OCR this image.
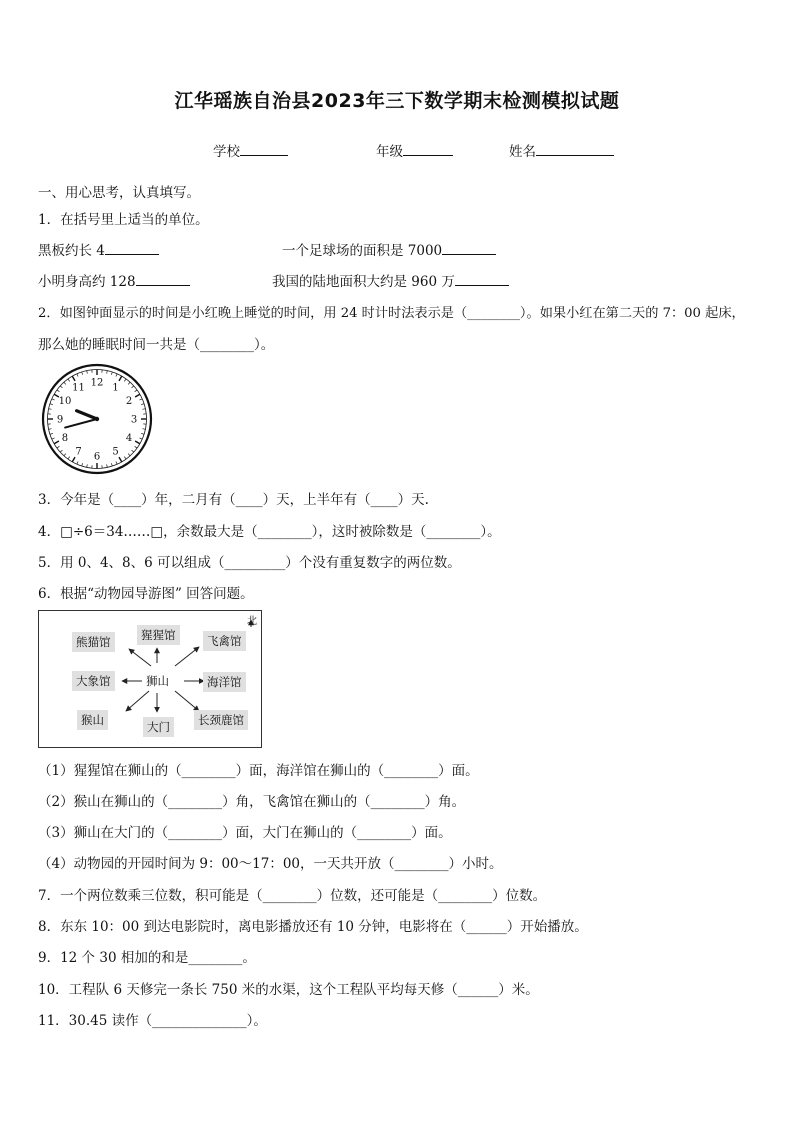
江华瑶族自治县2023年三下数学期末检测模拟试题
学校	年级	姓名
一、用心思考，认真填写。
1．在括号里上适当的单位。
黑板约长 4	一个足球场的面积是 7000
小明身高约 128	我国的陆地面积大约是 960 万
2．如图钟面显示的时间是小红晚上睡觉的时间，用 24 时计时法表示是（________）。如果小红在第二天的 7：00 起床，
那么她的睡眠时间一共是（________）。
12 1
2
3
4
5
6
7
8
9
10
11
3．今年是（____）年，二月有（____）天，上半年有（____）天.
4．□÷6＝34……□，余数最大是（________），这时被除数是（________）。
5．用 0、4、8、6 可以组成（_________）个没有重复数字的两位数。
6．根据“动物园导游图” 回答问题。
北
熊猫馆	猩猩馆	飞禽馆
大象馆	狮山	海洋馆
猴山	大门	长颈鹿馆
（1）猩猩馆在狮山的（________）面，海洋馆在狮山的（________）面。
（2）猴山在狮山的（________）角，飞禽馆在狮山的（________）角。
（3）狮山在大门的（________）面，大门在狮山的（________）面。
（4）动物园的开园时间为 9：00～17：00，一天共开放（________）小时。
7．一个两位数乘三位数，积可能是（________）位数，还可能是（________）位数。
8．东东 10：00 到达电影院时，离电影播放还有 10 分钟，电影将在（______）开始播放。
9．12 个 30 相加的和是________。
10．工程队 6 天修完一条长 750 米的水渠，这个工程队平均每天修（______）米。
11．30.45 读作（______________）。
